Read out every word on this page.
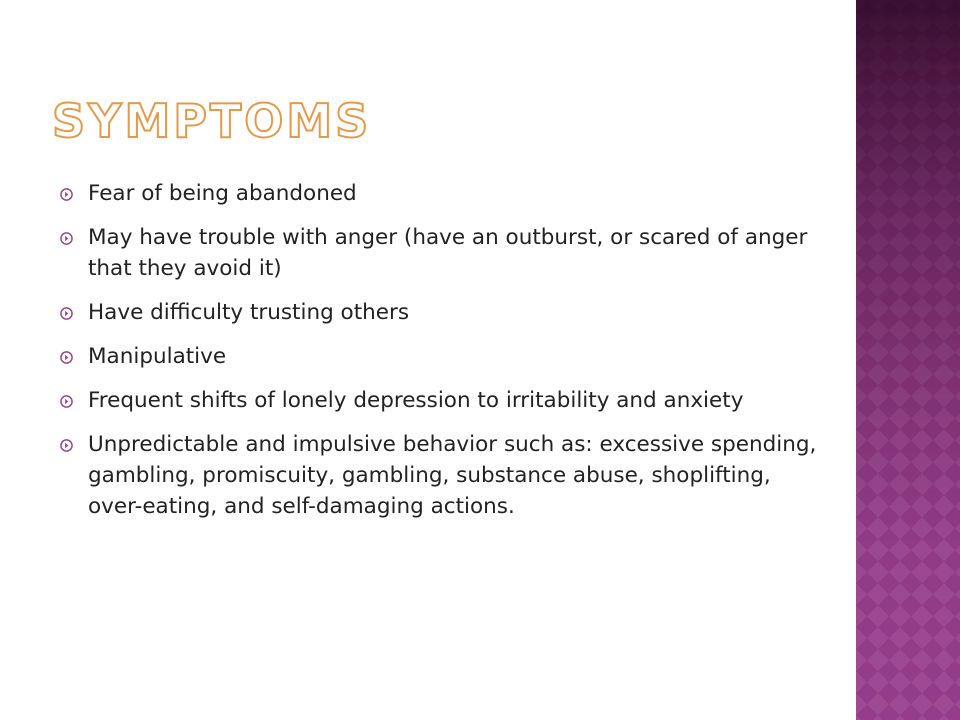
SYMPTOMS
Fear of being abandoned
May have trouble with anger (have an outburst, or scared of anger that they avoid it)
Have difficulty trusting others
Manipulative
Frequent shifts of lonely depression to irritability and anxiety
Unpredictable and impulsive behavior such as: excessive spending, gambling, promiscuity, gambling, substance abuse, shoplifting, over-eating, and self-damaging actions.
